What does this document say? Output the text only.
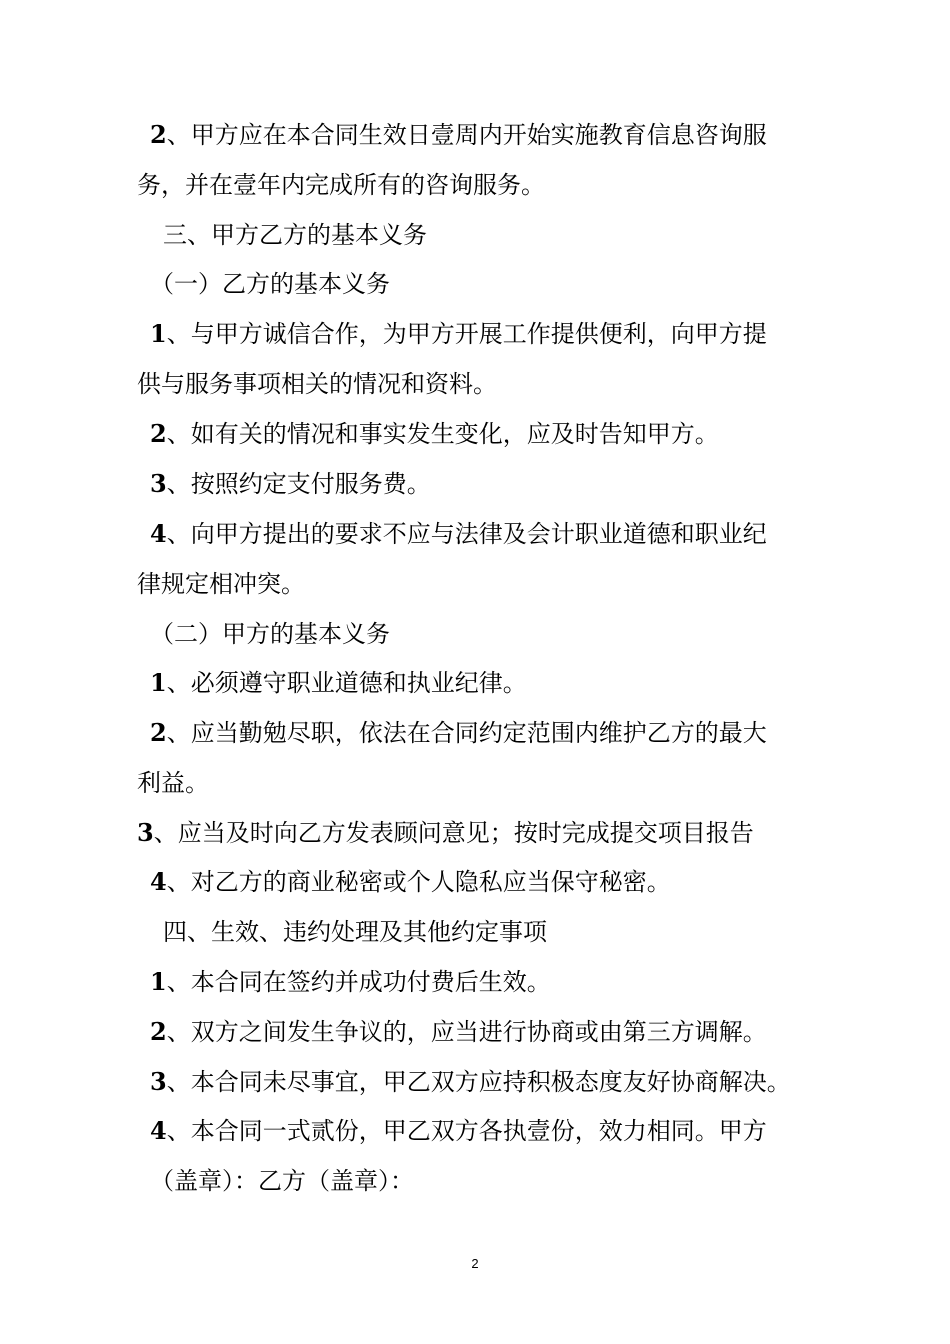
2、甲方应在本合同生效日壹周内开始实施教育信息咨询服
务，并在壹年内完成所有的咨询服务。
三、甲方乙方的基本义务
（一）乙方的基本义务
1、与甲方诚信合作，为甲方开展工作提供便利，向甲方提
供与服务事项相关的情况和资料。
2、如有关的情况和事实发生变化，应及时告知甲方。
3、按照约定支付服务费。
4、向甲方提出的要求不应与法律及会计职业道德和职业纪
律规定相冲突。
（二）甲方的基本义务
1、必须遵守职业道德和执业纪律。
2、应当勤勉尽职，依法在合同约定范围内维护乙方的最大
利益。
3、应当及时向乙方发表顾问意见；按时完成提交项目报告
4、对乙方的商业秘密或个人隐私应当保守秘密。
四、生效、违约处理及其他约定事项
1、本合同在签约并成功付费后生效。
2、双方之间发生争议的，应当进行协商或由第三方调解。
3、本合同未尽事宜，甲乙双方应持积极态度友好协商解决。
4、本合同一式贰份，甲乙双方各执壹份，效力相同。甲方
（盖章）：乙方（盖章）：
2
